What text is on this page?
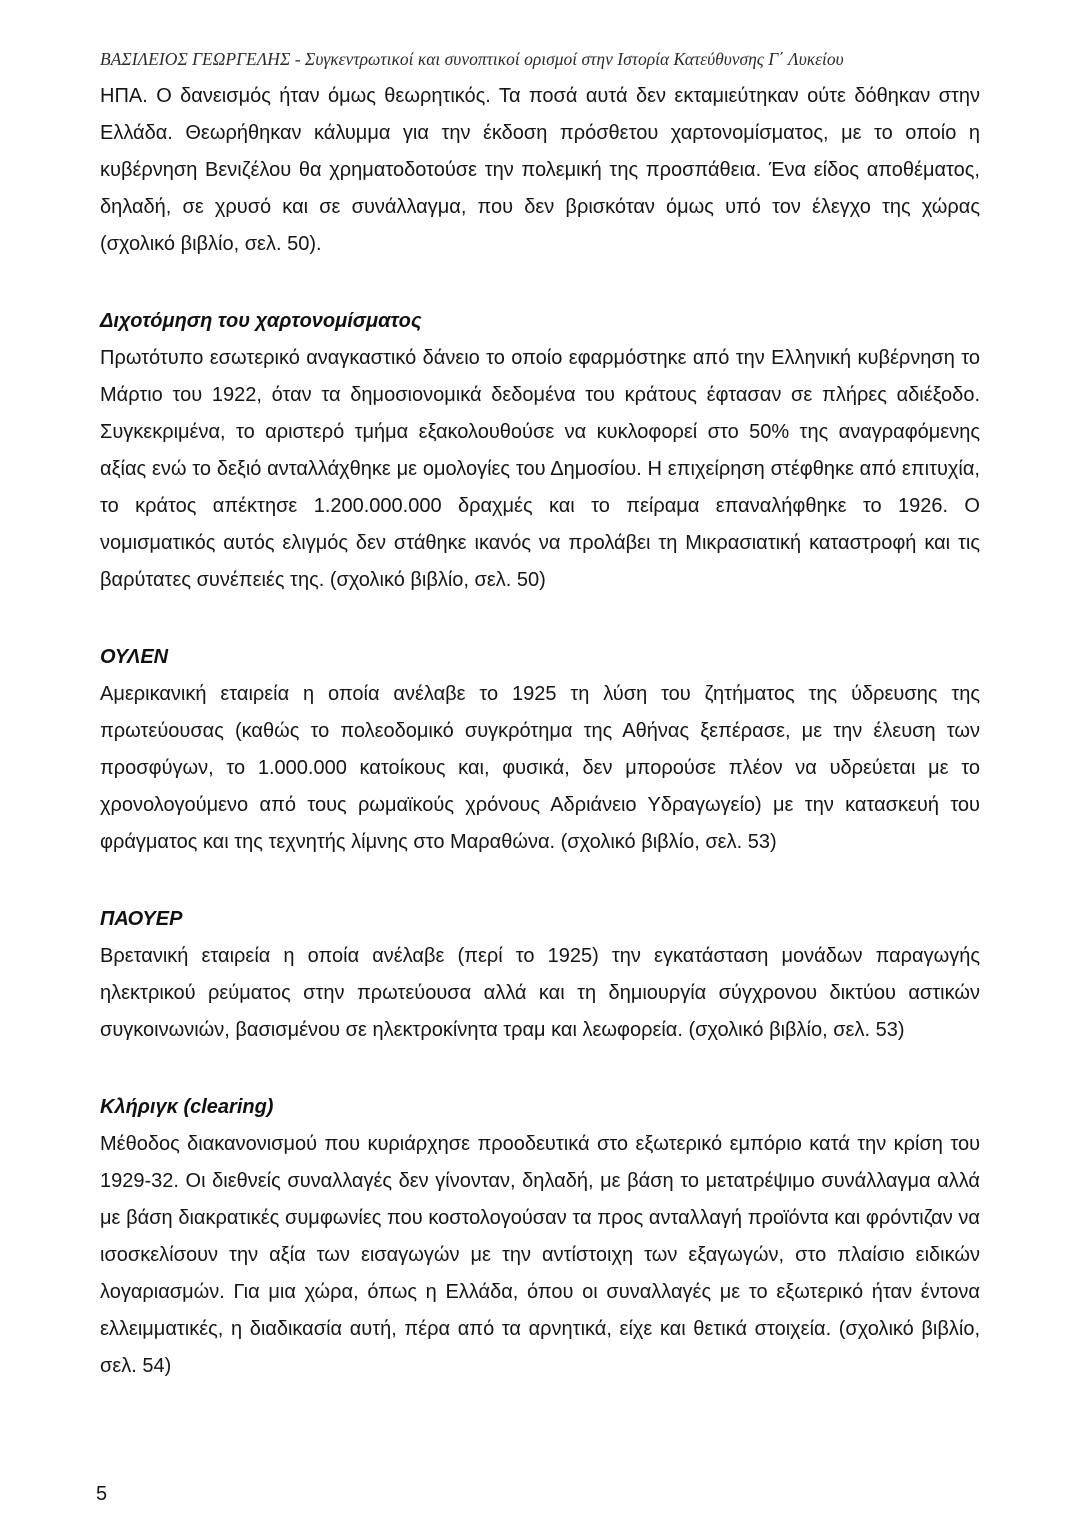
ΒΑΣΙΛΕΙΟΣ ΓΕΩΡΓΕΛΗΣ - Συγκεντρωτικοί και συνοπτικοί ορισμοί στην Ιστορία Κατεύθυνσης Γ΄ Λυκείου

ΗΠΑ. Ο δανεισμός ήταν όμως θεωρητικός. Τα ποσά αυτά δεν εκταμιεύτηκαν ούτε δόθηκαν στην Ελλάδα. Θεωρήθηκαν κάλυμμα για την έκδοση πρόσθετου χαρτονομίσματος, με το οποίο η κυβέρνηση Βενιζέλου θα χρηματοδοτούσε την πολεμική της προσπάθεια. Ένα είδος αποθέματος, δηλαδή, σε χρυσό και σε συνάλλαγμα, που δεν βρισκόταν όμως υπό τον έλεγχο της χώρας (σχολικό βιβλίο, σελ. 50).

Διχοτόμηση του χαρτονομίσματος

Πρωτότυπο εσωτερικό αναγκαστικό δάνειο το οποίο εφαρμόστηκε από την Ελληνική κυβέρνηση το Μάρτιο του 1922, όταν τα δημοσιονομικά δεδομένα του κράτους έφτασαν σε πλήρες αδιέξοδο. Συγκεκριμένα, το αριστερό τμήμα εξακολουθούσε να κυκλοφορεί στο 50% της αναγραφόμενης αξίας ενώ το δεξιό ανταλλάχθηκε με ομολογίες του Δημοσίου. Η επιχείρηση στέφθηκε από επιτυχία, το κράτος απέκτησε 1.200.000.000 δραχμές και το πείραμα επαναλήφθηκε το 1926. Ο νομισματικός αυτός ελιγμός δεν στάθηκε ικανός να προλάβει τη Μικρασιατική καταστροφή και τις βαρύτατες συνέπειές της. (σχολικό βιβλίο, σελ. 50)

ΟΥΛΕΝ

Αμερικανική εταιρεία η οποία ανέλαβε το 1925 τη λύση του ζητήματος της ύδρευσης της πρωτεύουσας (καθώς το πολεοδομικό συγκρότημα της Αθήνας ξεπέρασε, με την έλευση των προσφύγων, το 1.000.000 κατοίκους και, φυσικά, δεν μπορούσε πλέον να υδρεύεται με το χρονολογούμενο από τους ρωμαϊκούς χρόνους Αδριάνειο Υδραγωγείο) με την κατασκευή του φράγματος και της τεχνητής λίμνης στο Μαραθώνα. (σχολικό βιβλίο, σελ. 53)

ΠΑΟΥΕΡ

Βρετανική εταιρεία η οποία ανέλαβε (περί το 1925) την εγκατάσταση μονάδων παραγωγής ηλεκτρικού ρεύματος στην πρωτεύουσα αλλά και τη δημιουργία σύγχρονου δικτύου αστικών συγκοινωνιών, βασισμένου σε ηλεκτροκίνητα τραμ και λεωφορεία. (σχολικό βιβλίο, σελ. 53)

Κλήριγκ (clearing)

Μέθοδος διακανονισμού που κυριάρχησε προοδευτικά στο εξωτερικό εμπόριο κατά την κρίση του 1929-32. Οι διεθνείς συναλλαγές δεν γίνονταν, δηλαδή, με βάση το μετατρέψιμο συνάλλαγμα αλλά με βάση διακρατικές συμφωνίες που κοστολογούσαν τα προς ανταλλαγή προϊόντα και φρόντιζαν να ισοσκελίσουν την αξία των εισαγωγών με την αντίστοιχη των εξαγωγών, στο πλαίσιο ειδικών λογαριασμών. Για μια χώρα, όπως η Ελλάδα, όπου οι συναλλαγές με το εξωτερικό ήταν έντονα ελλειμματικές, η διαδικασία αυτή, πέρα από τα αρνητικά, είχε και θετικά στοιχεία. (σχολικό βιβλίο, σελ. 54)

5
